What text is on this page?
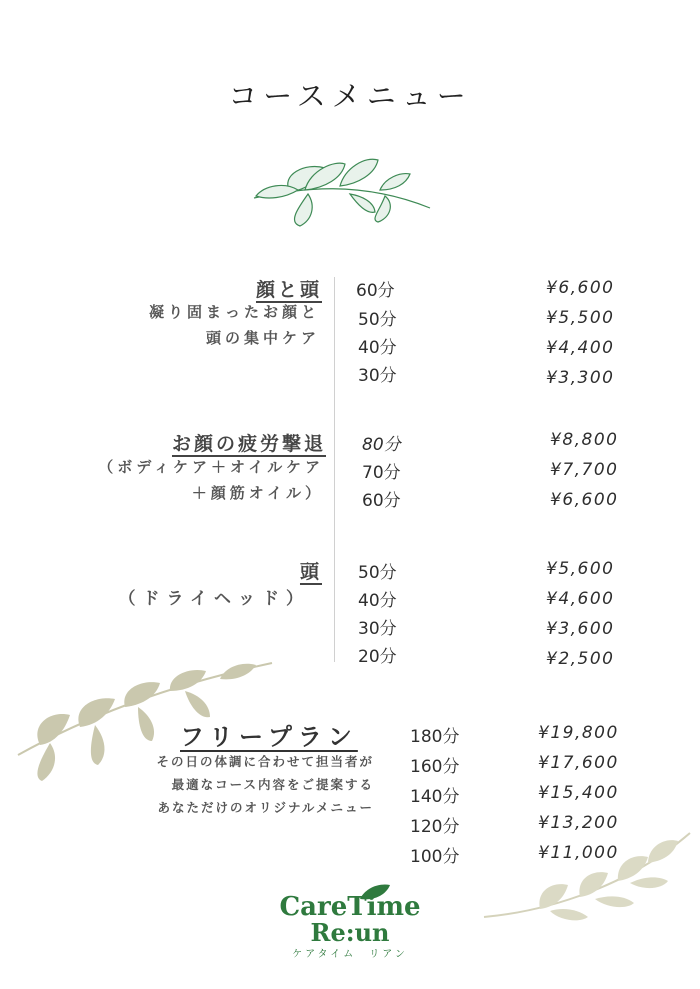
コースメニュー
顔と頭
凝り固まったお顔と
頭の集中ケア
60分
50分
40分
30分
¥6,600
¥5,500
¥4,400
¥3,300
お顔の疲労撃退
（ボディケア＋オイルケア
＋顔筋オイル）
80分
70分
60分
¥8,800
¥7,700
¥6,600
頭
（ドライヘッド）
50分
40分
30分
20分
¥5,600
¥4,600
¥3,600
¥2,500
フリープラン
その日の体調に合わせて担当者が
最適なコース内容をご提案する
あなただけのオリジナルメニュー
180分
160分
140分
120分
100分
¥19,800
¥17,600
¥15,400
¥13,200
¥11,000
CareTime
Re:un
ケアタイム　リアン
